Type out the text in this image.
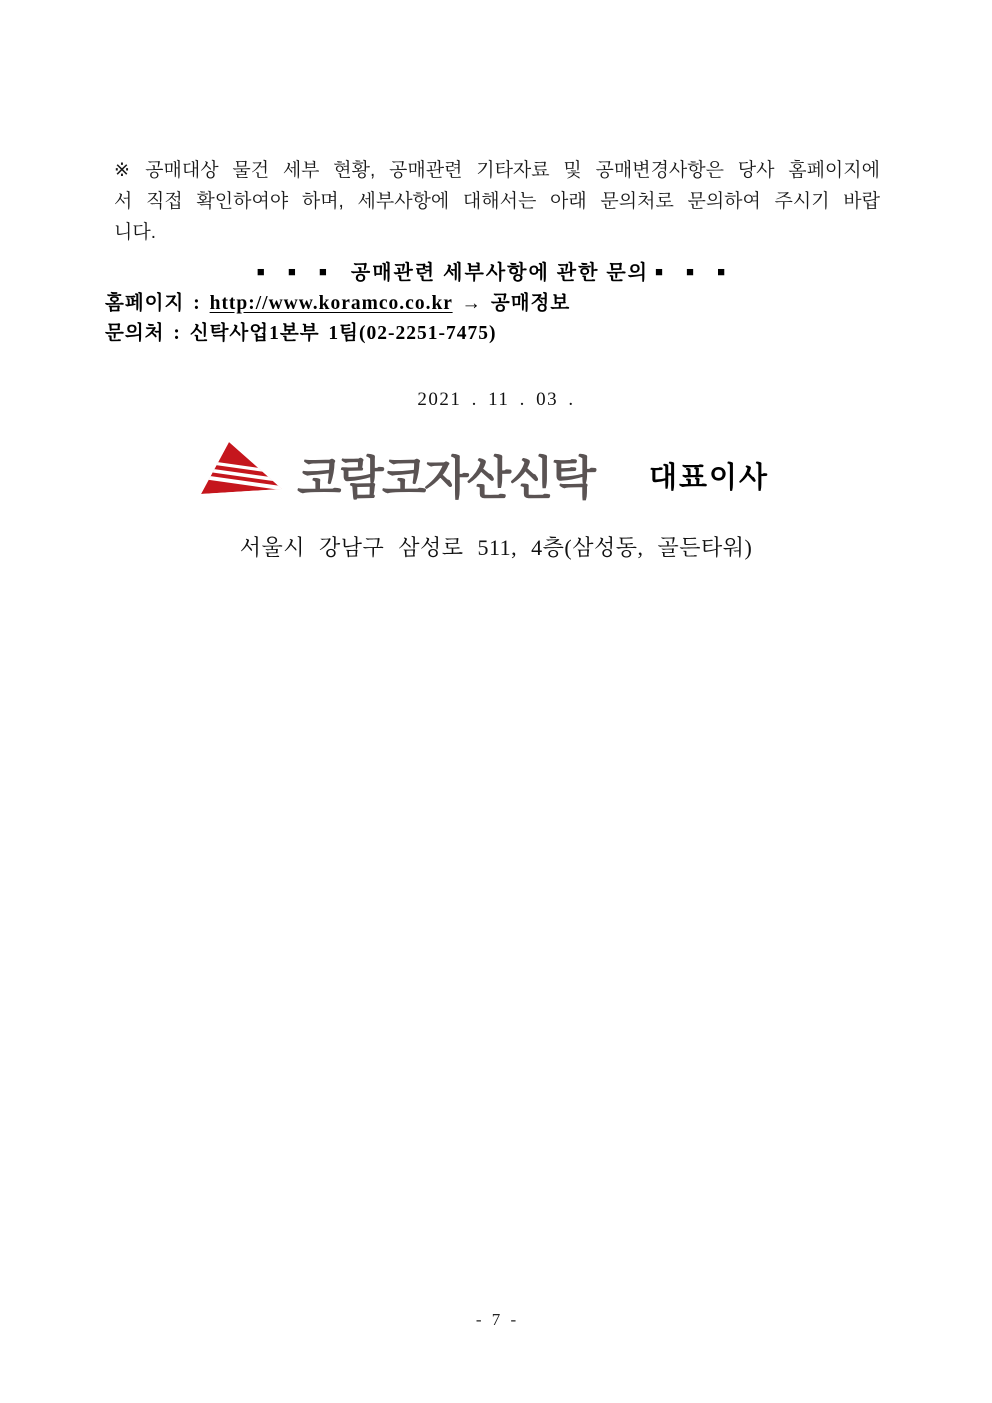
※ 공매대상 물건 세부 현황, 공매관련 기타자료 및 공매변경사항은 당사 홈페이지에서 직접 확인하여야 하며, 세부사항에 대해서는 아래 문의처로 문의하여 주시기 바랍니다.

■ ■ ■ 공매관련 세부사항에 관한 문의 ■ ■ ■
홈페이지 : http://www.koramco.co.kr → 공매정보
문의처 : 신탁사업1본부 1팀(02-2251-7475)
2021 . 11 . 03 .
코람코자산신탁 대표이사
서울시 강남구 삼성로 511, 4층(삼성동, 골든타워)
- 7 -
